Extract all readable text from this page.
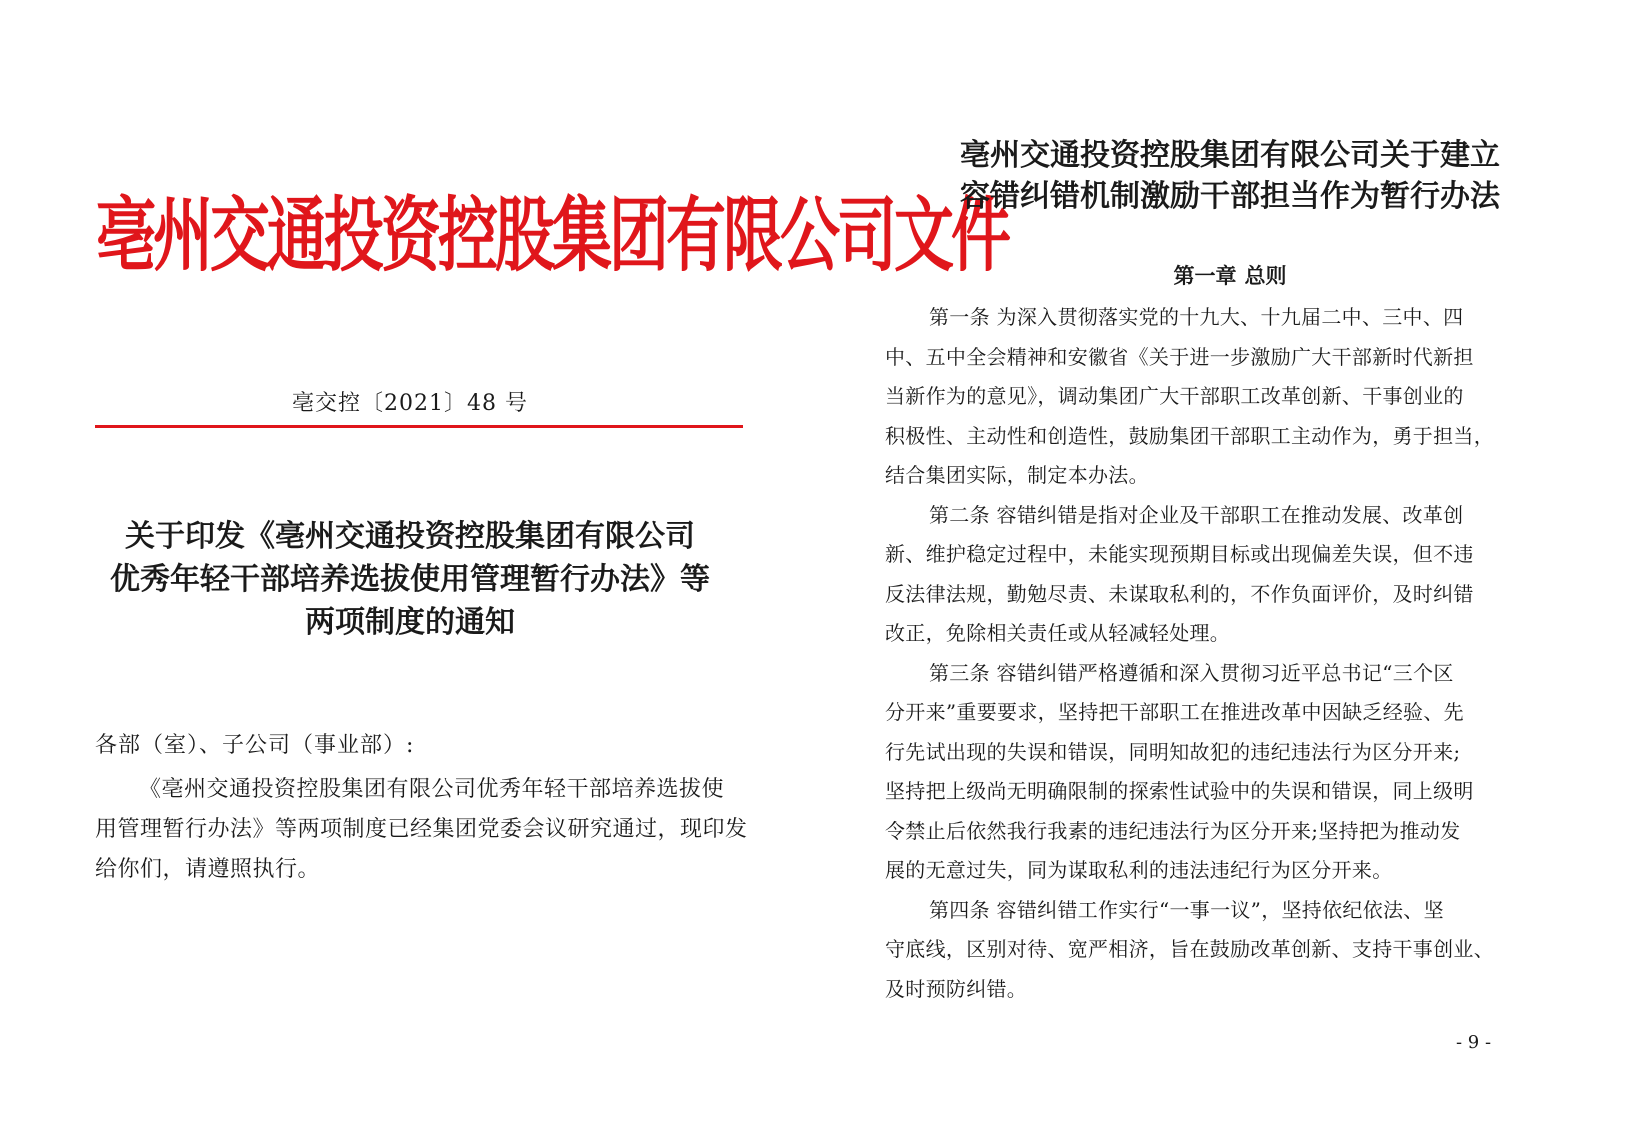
亳州交通投资控股集团有限公司文件
亳交控〔2021〕48 号
关于印发《亳州交通投资控股集团有限公司
优秀年轻干部培养选拔使用管理暂行办法》等
两项制度的通知
各部（室）、子公司（事业部）:
《亳州交通投资控股集团有限公司优秀年轻干部培养选拔使
用管理暂行办法》等两项制度已经集团党委会议研究通过，现印发
给你们，请遵照执行。
亳州交通投资控股集团有限公司关于建立
容错纠错机制激励干部担当作为暂行办法
第一章 总则
第一条 为深入贯彻落实党的十九大、十九届二中、三中、四
中、五中全会精神和安徽省《关于进一步激励广大干部新时代新担
当新作为的意见》，调动集团广大干部职工改革创新、干事创业的
积极性、主动性和创造性，鼓励集团干部职工主动作为，勇于担当，
结合集团实际，制定本办法。
第二条 容错纠错是指对企业及干部职工在推动发展、改革创
新、维护稳定过程中，未能实现预期目标或出现偏差失误，但不违
反法律法规，勤勉尽责、未谋取私利的，不作负面评价，及时纠错
改正，免除相关责任或从轻减轻处理。
第三条 容错纠错严格遵循和深入贯彻习近平总书记“三个区
分开来”重要要求，坚持把干部职工在推进改革中因缺乏经验、先
行先试出现的失误和错误，同明知故犯的违纪违法行为区分开来;
坚持把上级尚无明确限制的探索性试验中的失误和错误，同上级明
令禁止后依然我行我素的违纪违法行为区分开来;坚持把为推动发
展的无意过失，同为谋取私利的违法违纪行为区分开来。
第四条 容错纠错工作实行“一事一议”，坚持依纪依法、坚
守底线，区别对待、宽严相济，旨在鼓励改革创新、支持干事创业、
及时预防纠错。
- 9 -
